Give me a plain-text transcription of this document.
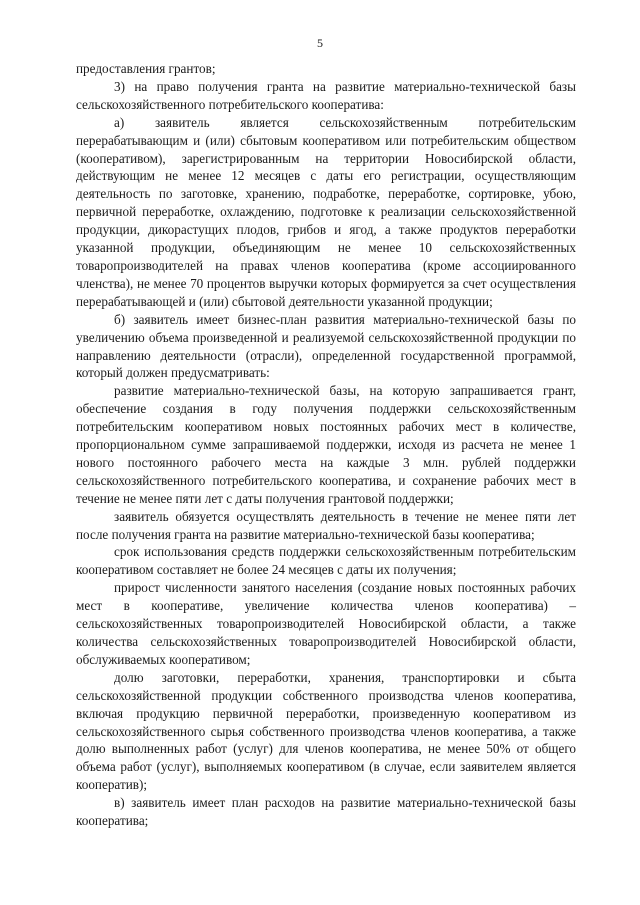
5

предоставления грантов;

3) на право получения гранта на развитие материально-технической базы сельскохозяйственного потребительского кооператива:

а) заявитель является сельскохозяйственным потребительским перерабатывающим и (или) сбытовым кооперативом или потребительским обществом (кооперативом), зарегистрированным на территории Новосибирской области, действующим не менее 12 месяцев с даты его регистрации, осуществляющим деятельность по заготовке, хранению, подработке, переработке, сортировке, убою, первичной переработке, охлаждению, подготовке к реализации сельскохозяйственной продукции, дикорастущих плодов, грибов и ягод, а также продуктов переработки указанной продукции, объединяющим не менее 10 сельскохозяйственных товаропроизводителей на правах членов кооператива (кроме ассоциированного членства), не менее 70 процентов выручки которых формируется за счет осуществления перерабатывающей и (или) сбытовой деятельности указанной продукции;

б) заявитель имеет бизнес-план развития материально-технической базы по увеличению объема произведенной и реализуемой сельскохозяйственной продукции по направлению деятельности (отрасли), определенной государственной программой, который должен предусматривать:

развитие материально-технической базы, на которую запрашивается грант, обеспечение создания в году получения поддержки сельскохозяйственным потребительским кооперативом новых постоянных рабочих мест в количестве, пропорциональном сумме запрашиваемой поддержки, исходя из расчета не менее 1 нового постоянного рабочего места на каждые 3 млн. рублей поддержки сельскохозяйственного потребительского кооператива, и сохранение рабочих мест в течение не менее пяти лет с даты получения грантовой поддержки;

заявитель обязуется осуществлять деятельность в течение не менее пяти лет после получения гранта на развитие материально-технической базы кооператива;

срок использования средств поддержки сельскохозяйственным потребительским кооперативом составляет не более 24 месяцев с даты их получения;

прирост численности занятого населения (создание новых постоянных рабочих мест в кооперативе, увеличение количества членов кооператива) – сельскохозяйственных товаропроизводителей Новосибирской области, а также количества сельскохозяйственных товаропроизводителей Новосибирской области, обслуживаемых кооперативом;

долю заготовки, переработки, хранения, транспортировки и сбыта сельскохозяйственной продукции собственного производства членов кооператива, включая продукцию первичной переработки, произведенную кооперативом из сельскохозяйственного сырья собственного производства членов кооператива, а также долю выполненных работ (услуг) для членов кооператива, не менее 50% от общего объема работ (услуг), выполняемых кооперативом (в случае, если заявителем является кооператив);

в) заявитель имеет план расходов на развитие материально-технической базы кооператива;
